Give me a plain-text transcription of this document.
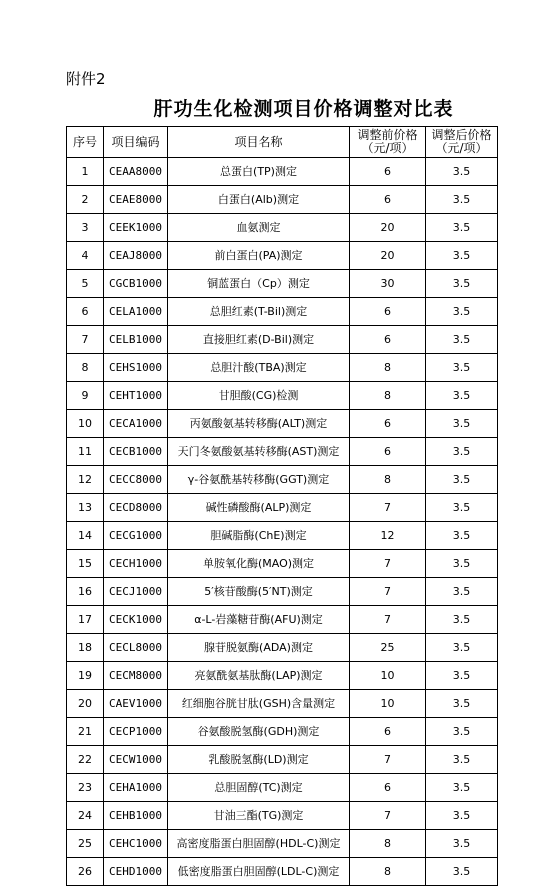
附件2
肝功生化检测项目价格调整对比表
序号	项目编码	项目名称	调整前价格（元/项）	调整后价格（元/项）
1	CEAA8000	总蛋白(TP)测定	6	3.5
2	CEAE8000	白蛋白(Alb)测定	6	3.5
3	CEEK1000	血氨测定	20	3.5
4	CEAJ8000	前白蛋白(PA)测定	20	3.5
5	CGCB1000	铜蓝蛋白（Cp）测定	30	3.5
6	CELA1000	总胆红素(T-Bil)测定	6	3.5
7	CELB1000	直接胆红素(D-Bil)测定	6	3.5
8	CEHS1000	总胆汁酸(TBA)测定	8	3.5
9	CEHT1000	甘胆酸(CG)检测	8	3.5
10	CECA1000	丙氨酸氨基转移酶(ALT)测定	6	3.5
11	CECB1000	天门冬氨酸氨基转移酶(AST)测定	6	3.5
12	CECC8000	γ-谷氨酰基转移酶(GGT)测定	8	3.5
13	CECD8000	碱性磷酸酶(ALP)测定	7	3.5
14	CECG1000	胆碱脂酶(ChE)测定	12	3.5
15	CECH1000	单胺氧化酶(MAO)测定	7	3.5
16	CECJ1000	5′核苷酸酶(5′NT)测定	7	3.5
17	CECK1000	α-L-岩藻糖苷酶(AFU)测定	7	3.5
18	CECL8000	腺苷脱氨酶(ADA)测定	25	3.5
19	CECM8000	亮氨酰氨基肽酶(LAP)测定	10	3.5
20	CAEV1000	红细胞谷胱甘肽(GSH)含量测定	10	3.5
21	CECP1000	谷氨酸脱氢酶(GDH)测定	6	3.5
22	CECW1000	乳酸脱氢酶(LD)测定	7	3.5
23	CEHA1000	总胆固醇(TC)测定	6	3.5
24	CEHB1000	甘油三酯(TG)测定	7	3.5
25	CEHC1000	高密度脂蛋白胆固醇(HDL-C)测定	8	3.5
26	CEHD1000	低密度脂蛋白胆固醇(LDL-C)测定	8	3.5
